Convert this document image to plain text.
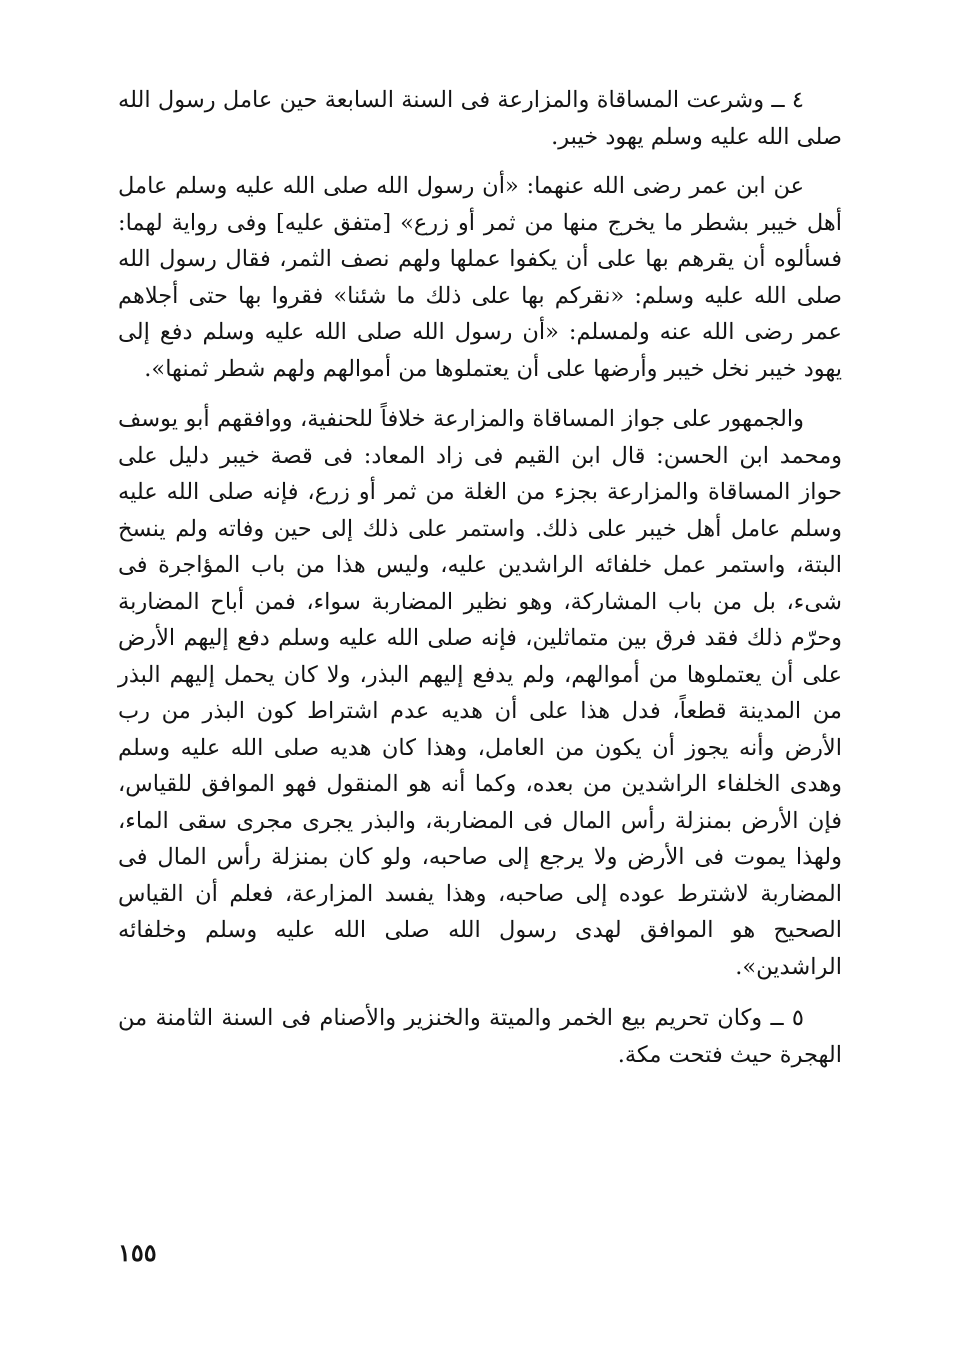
٤ ــ وشرعت المساقاة والمزارعة فى السنة السابعة حين عامل رسول الله صلى الله عليه وسلم يهود خيبر.

عن ابن عمر رضى الله عنهما: «أن رسول الله صلى الله عليه وسلم عامل أهل خيبر بشطر ما يخرج منها من ثمر أو زرع» [متفق عليه] وفى رواية لهما: فسألوه أن يقرهم بها على أن يكفوا عملها ولهم نصف الثمر، فقال رسول الله صلى الله عليه وسلم: «نقركم بها على ذلك ما شئنا» فقروا بها حتى أجلاهم عمر رضى الله عنه ولمسلم: «أن رسول الله صلى الله عليه وسلم دفع إلى يهود خيبر نخل خيبر وأرضها على أن يعتملوها من أموالهم ولهم شطر ثمنها».

والجمهور على جواز المساقاة والمزارعة خلافاً للحنفية، ووافقهم أبو يوسف ومحمد ابن الحسن: قال ابن القيم فى زاد المعاد: فى قصة خيبر دليل على حواز المساقاة والمزارعة بجزء من الغلة من ثمر أو زرع، فإنه صلى الله عليه وسلم عامل أهل خيبر على ذلك. واستمر على ذلك إلى حين وفاته ولم ينسخ البتة، واستمر عمل خلفائه الراشدين عليه، وليس هذا من باب المؤاجرة فى شىء، بل من باب المشاركة، وهو نظير المضاربة سواء، فمن أباح المضاربة وحرّم ذلك فقد فرق بين متماثلين، فإنه صلى الله عليه وسلم دفع إليهم الأرض على أن يعتملوها من أموالهم، ولم يدفع إليهم البذر، ولا كان يحمل إليهم البذر من المدينة قطعاً، فدل هذا على أن هديه عدم اشتراط كون البذر من رب الأرض وأنه يجوز أن يكون من العامل، وهذا كان هديه صلى الله عليه وسلم وهدى الخلفاء الراشدين من بعده، وكما أنه هو المنقول فهو الموافق للقياس، فإن الأرض بمنزلة رأس المال فى المضاربة، والبذر يجرى مجرى سقى الماء، ولهذا يموت فى الأرض ولا يرجع إلى صاحبه، ولو كان بمنزلة رأس المال فى المضاربة لاشترط عوده إلى صاحبه، وهذا يفسد المزارعة، فعلم أن القياس الصحيح هو الموافق لهدى رسول الله صلى الله عليه وسلم وخلفائه الراشدين».

٥ ــ وكان تحريم بيع الخمر والميتة والخنزير والأصنام فى السنة الثامنة من الهجرة حيث فتحت مكة.

١٥٥
